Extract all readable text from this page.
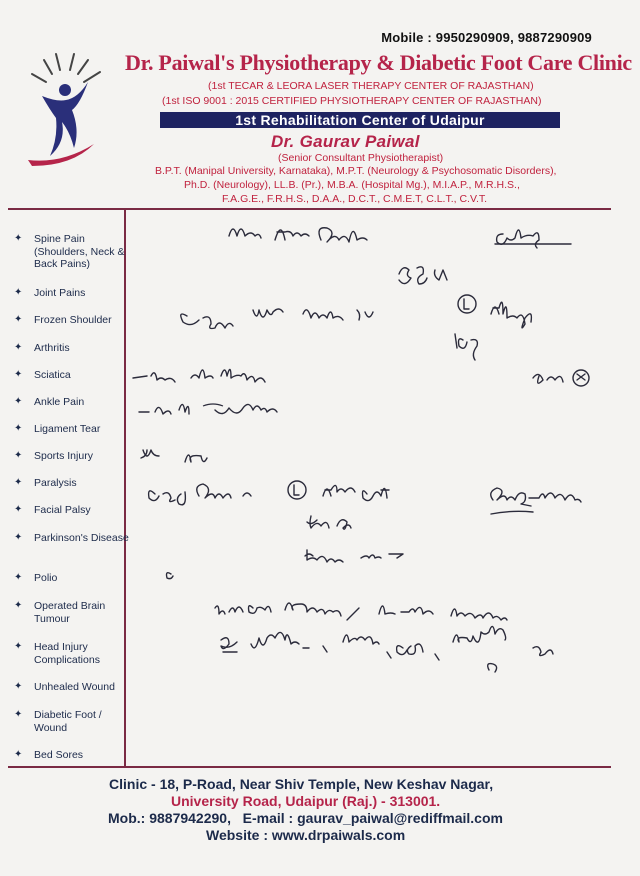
Mobile : 9950290909, 9887290909
Dr. Paiwal's Physiotherapy & Diabetic Foot Care Clinic
(1st TECAR & LEORA LASER THERAPY CENTER OF RAJASTHAN)
(1st ISO 9001 : 2015 CERTIFIED PHYSIOTHERAPY CENTER OF RAJASTHAN)
1st Rehabilitation Center of Udaipur
Dr. Gaurav Paiwal
(Senior Consultant Physiotherapist)
B.P.T. (Manipal University, Karnataka), M.P.T. (Neurology & Psychosomatic Disorders),
Ph.D. (Neurology), LL.B. (Pr.), M.B.A. (Hospital Mg.), M.I.A.P., M.R.H.S.,
F.A.G.E., F.R.H.S., D.A.A., D.C.T., C.M.E.T, C.L.T., C.V.T.
✦	Spine Pain (Shoulders, Neck & Back Pains)
✦	Joint Pains
✦	Frozen Shoulder
✦	Arthritis
✦	Sciatica
✦	Ankle Pain
✦	Ligament Tear
✦	Sports Injury
✦	Paralysis
✦	Facial Palsy
✦	Parkinson's Disease
✦	Polio
✦	Operated Brain Tumour
✦	Head Injury Complications
✦	Unhealed Wound
✦	Diabetic Foot / Wound
✦	Bed Sores
Clinic - 18, P-Road, Near Shiv Temple, New Keshav Nagar,
University Road, Udaipur (Raj.) - 313001.
Mob.: 9887942290, E-mail : gaurav_paiwal@rediffmail.com
Website : www.drpaiwals.com
